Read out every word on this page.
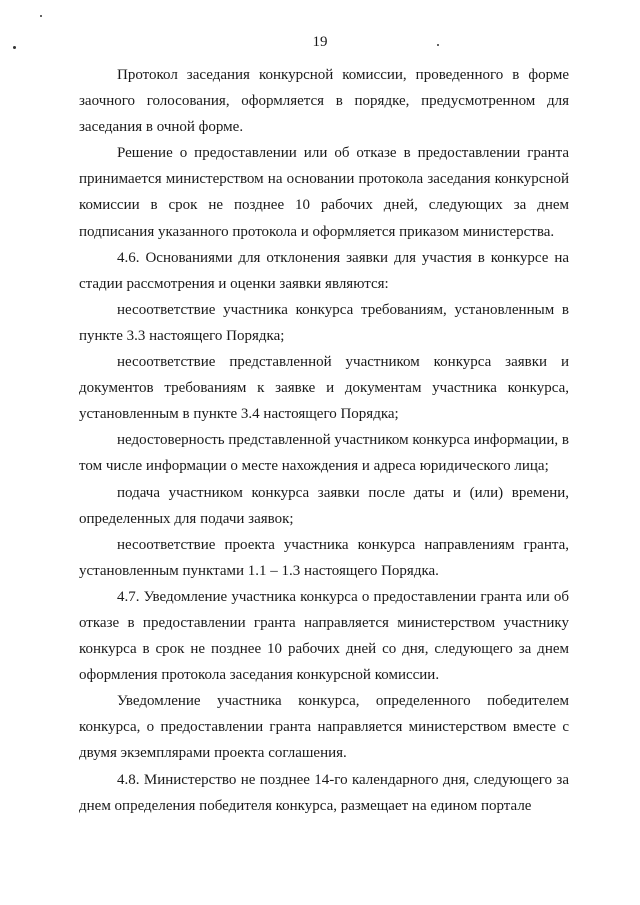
19

Протокол заседания конкурсной комиссии, проведенного в форме заочного голосования, оформляется в порядке, предусмотренном для заседания в очной форме.

Решение о предоставлении или об отказе в предоставлении гранта принимается министерством на основании протокола заседания конкурсной комиссии в срок не позднее 10 рабочих дней, следующих за днем подписания указанного протокола и оформляется приказом министерства.

4.6. Основаниями для отклонения заявки для участия в конкурсе на стадии рассмотрения и оценки заявки являются:

несоответствие участника конкурса требованиям, установленным в пункте 3.3 настоящего Порядка;

несоответствие представленной участником конкурса заявки и документов требованиям к заявке и документам участника конкурса, установленным в пункте 3.4 настоящего Порядка;

недостоверность представленной участником конкурса информации, в том числе информации о месте нахождения и адреса юридического лица;

подача участником конкурса заявки после даты и (или) времени, определенных для подачи заявок;

несоответствие проекта участника конкурса направлениям гранта, установленным пунктами 1.1 – 1.3 настоящего Порядка.

4.7. Уведомление участника конкурса о предоставлении гранта или об отказе в предоставлении гранта направляется министерством участнику конкурса в срок не позднее 10 рабочих дней со дня, следующего за днем оформления протокола заседания конкурсной комиссии.

Уведомление участника конкурса, определенного победителем конкурса, о предоставлении гранта направляется министерством вместе с двумя экземплярами проекта соглашения.

4.8. Министерство не позднее 14-го календарного дня, следующего за днем определения победителя конкурса, размещает на едином портале
